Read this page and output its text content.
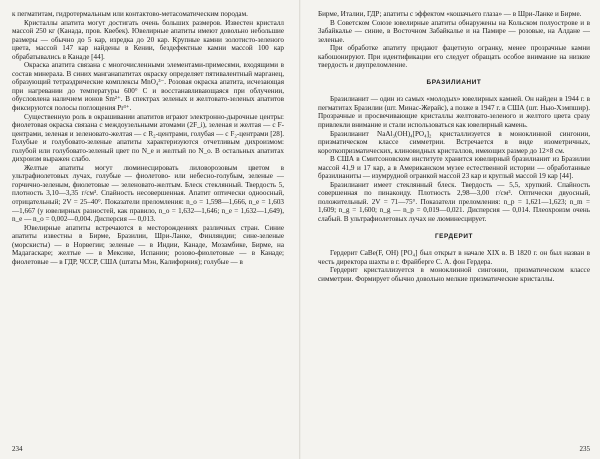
к пегматитам, гидротермальным или контактово-метасоматическим породам.

Кристаллы апатита могут достигать очень больших размеров. Известен кристалл массой 250 кг (Канада, пров. Квебек). Ювелирные апатиты имеют довольно небольшие размеры — обычно до 5 кар, изредка до 20 кар. Крупные камни золотисто-зеленого цвета, массой 147 кар найдены в Кении, бездефектные камни массой 100 кар обрабатывались в Канаде [44].

Окраска апатита связана с многочисленными элементами-примесями, входящими в состав минерала. В синих манганапатитах окраску определяет пятивалентный марганец, образующий тетраэдрические комплексы MnO₄³⁻. Розовая окраска апатита, исчезающая при нагревании до температуры 600° С и восстанавливающаяся при облучении, обусловлена наличием ионов Sm²⁺. В спектрах зеленых и желтовато-зеленых апатитов фиксируются полосы поглощения Pr³⁺.

Существенную роль в окрашивании апатитов играют электронно-дырочные центры: фиолетовая окраска связана с междоузельными атомами (2F_i), зеленая и желтая — с F-центрами, зеленая и зеленовато-желтая — с R₂-центрами, голубая — с F₂-центрами [28]. Голубые и голубовато-зеленые апатиты характеризуются отчетливым дихроизмом: голубой или голубовато-зеленый цвет по N_e и желтый по N_o. В остальных апатитах дихроизм выражен слабо.

Желтые апатиты могут люминесцировать лиловорозовым цветом в ультрафиолетовых лучах, голубые — фиолетово- или небесно-голубым, зеленые — горчично-зеленым, фиолетовые — зеленовато-желтым. Блеск стеклянный. Твердость 5, плотность 3,10—3,35 г/см³. Спайность несовершенная. Апатит оптически одноосный, отрицательный; 2V = 25–40°. Показатели преломления: n_o = 1,598—1,666, n_e = 1,603—1,667 (у ювелирных разностей, как правило, n_o = 1,632—1,646; n_e = 1,632—1,649), n_e — n_o = 0,002—0,004. Дисперсия — 0,013.

Ювелирные апатиты встречаются в месторождениях различных стран. Синие апатиты известны в Бирме, Бразилии, Шри-Ланке, Финляндии; сине-зеленые (морскисты) — в Норвегии; зеленые — в Индии, Канаде, Мозамбике, Бирме, на Мадагаскаре; желтые — в Мексике, Испании; розово-фиолетовые — в Канаде; фиолетовые — в ГДР, ЧССР, США (штаты Мэн, Калифорния); голубые — в

234

Бирме, Италии, ГДР; апатиты с эффектом «кошачьего глаза» — в Шри-Ланке и Бирме.

В Советском Союзе ювелирные апатиты обнаружены на Кольском полуострове и в Забайкалье — синие, в Восточном Забайкалье и на Памире — розовые, на Алдане — зеленые.

При обработке апатиту придают фацетную огранку, менее прозрачные камни кабошонируют. При идентификации его следует обращать особое внимание на низкие твердость и двупреломление.

БРАЗИЛИАНИТ

Бразилианит — один из самых «молодых» ювелирных камней. Он найден в 1944 г. в пегматитах Бразилии (шт. Минас-Жерайс), а позже в 1947 г. в США (шт. Нью-Хэмпшир). Прозрачные и просвечивающие кристаллы желтовато-зеленого и желтого цвета сразу привлекли внимание и стали использоваться как ювелирный камень.

Бразилианит NaAl₃(OH)₄[PO₄]₂ кристаллизуется в моноклинной сингонии, призматическом классе симметрии. Встречается в виде изометричных, короткопризматических, клиновидных кристаллов, имеющих размер до 12×8 см.

В США в Смитсоновском институте хранится ювелирный бразилианит из Бразилии массой 41,9 и 17 кар, а в Американском музее естественной истории — обработанные бразилианиты — изумрудной огранкой массой 23 кар и круглый массой 19 кар [44].

Бразилианит имеет стеклянный блеск. Твердость — 5,5, хрупкий. Спайность совершенная по пинакоиду. Плотность 2,98—3,00 г/см³. Оптически двуосный, положительный. 2V = 71—75°. Показатели преломления: n_p = 1,621—1,623; n_m = 1,609; n_g = 1,600; n_g — n_p = 0,019—0,021. Дисперсия — 0,014. Плеохроизм очень слабый. В ультрафиолетовых лучах не люминесцирует.

ГЕРДЕРИТ

Гердерит CaBe(F, OH) [PO₄] был открыт в начале XIX в. В 1820 г. он был назван в честь директора шахты в г. Фрайберге С. А. фон Гердера.

Гердерит кристаллизуется в моноклинной сингонии, призматическом классе симметрии. Формирует обычно довольно мелкие призматические кристаллы.

235
